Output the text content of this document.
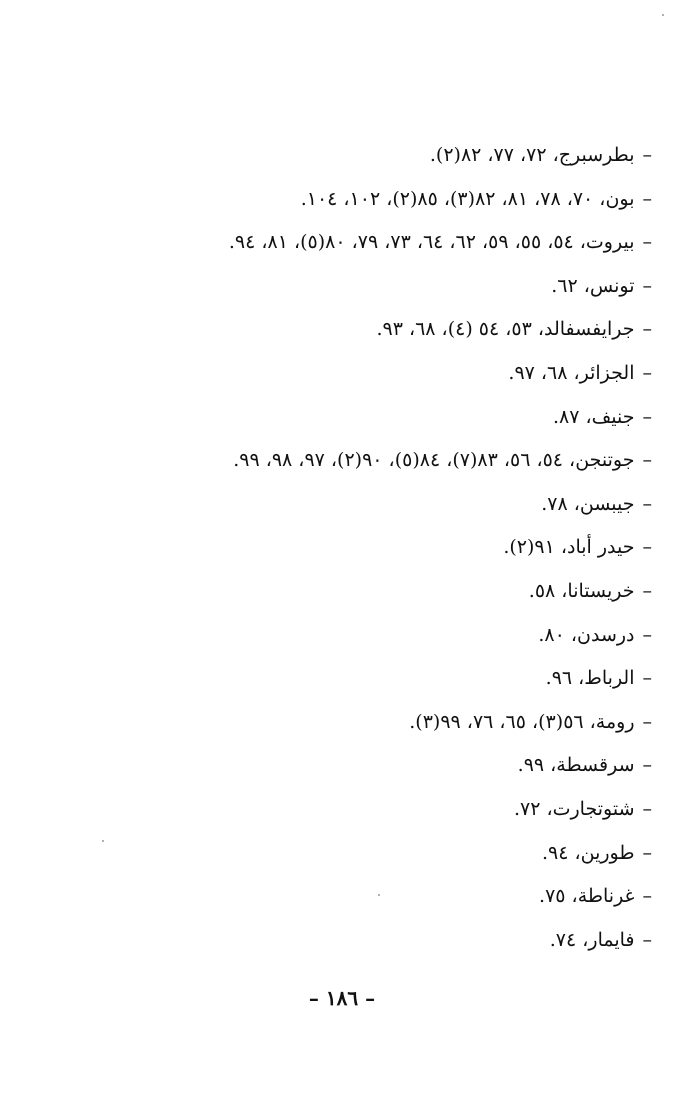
–بطرسبرج، ٧٢، ٧٧، ٨٢(٢).
–بون، ٧٠، ٧٨، ٨١، ٨٢(٣)، ٨٥(٢)، ١٠٢، ١٠٤.
–بيروت، ٥٤، ٥٥، ٥٩، ٦٢، ٦٤، ٧٣، ٧٩، ٨٠(٥)، ٨١، ٩٤.
–تونس، ٦٢.
–جرايفسفالد، ٥٣، ٥٤ (٤)، ٦٨، ٩٣.
–الجزائر، ٦٨، ٩٧.
–جنيف، ٨٧.
–جوتنجن، ٥٤، ٥٦، ٨٣(٧)، ٨٤(٥)، ٩٠(٢)، ٩٧، ٩٨، ٩٩.
–جيبسن، ٧٨.
–حيدر أباد، ٩١(٢).
–خريستانا، ٥٨.
–درسدن، ٨٠.
–الرباط، ٩٦.
–رومة، ٥٦(٣)، ٦٥، ٧٦، ٩٩(٣).
–سرقسطة، ٩٩.
–شتوتجارت، ٧٢.
–طورين، ٩٤.
–غرناطة، ٧٥.
–فايمار، ٧٤.
– ١٨٦ –
